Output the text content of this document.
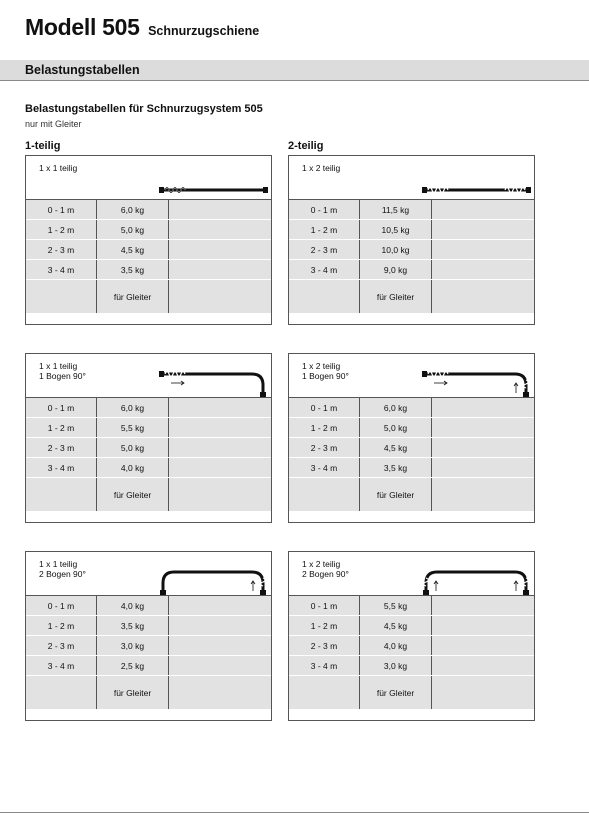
Modell 505 Schnurzugschiene
Belastungstabellen
Belastungstabellen für Schnurzugsystem 505
nur mit Gleiter
1-teilig	2-teilig
1 x 1 teilig
0 - 1 m	6,0 kg
1 - 2 m	5,0 kg
2 - 3 m	4,5 kg
3 - 4 m	3,5 kg
für Gleiter
1 x 2 teilig
0 - 1 m	11,5 kg
1 - 2 m	10,5 kg
2 - 3 m	10,0 kg
3 - 4 m	9,0 kg
für Gleiter
1 x 1 teilig
1 Bogen 90°
0 - 1 m	6,0 kg
1 - 2 m	5,5 kg
2 - 3 m	5,0 kg
3 - 4 m	4,0 kg
für Gleiter
1 x 2 teilig
1 Bogen 90°
0 - 1 m	6,0 kg
1 - 2 m	5,0 kg
2 - 3 m	4,5 kg
3 - 4 m	3,5 kg
für Gleiter
1 x 1 teilig
2 Bogen 90°
0 - 1 m	4,0 kg
1 - 2 m	3,5 kg
2 - 3 m	3,0 kg
3 - 4 m	2,5 kg
für Gleiter
1 x 2 teilig
2 Bogen 90°
0 - 1 m	5,5 kg
1 - 2 m	4,5 kg
2 - 3 m	4,0 kg
3 - 4 m	3,0 kg
für Gleiter
